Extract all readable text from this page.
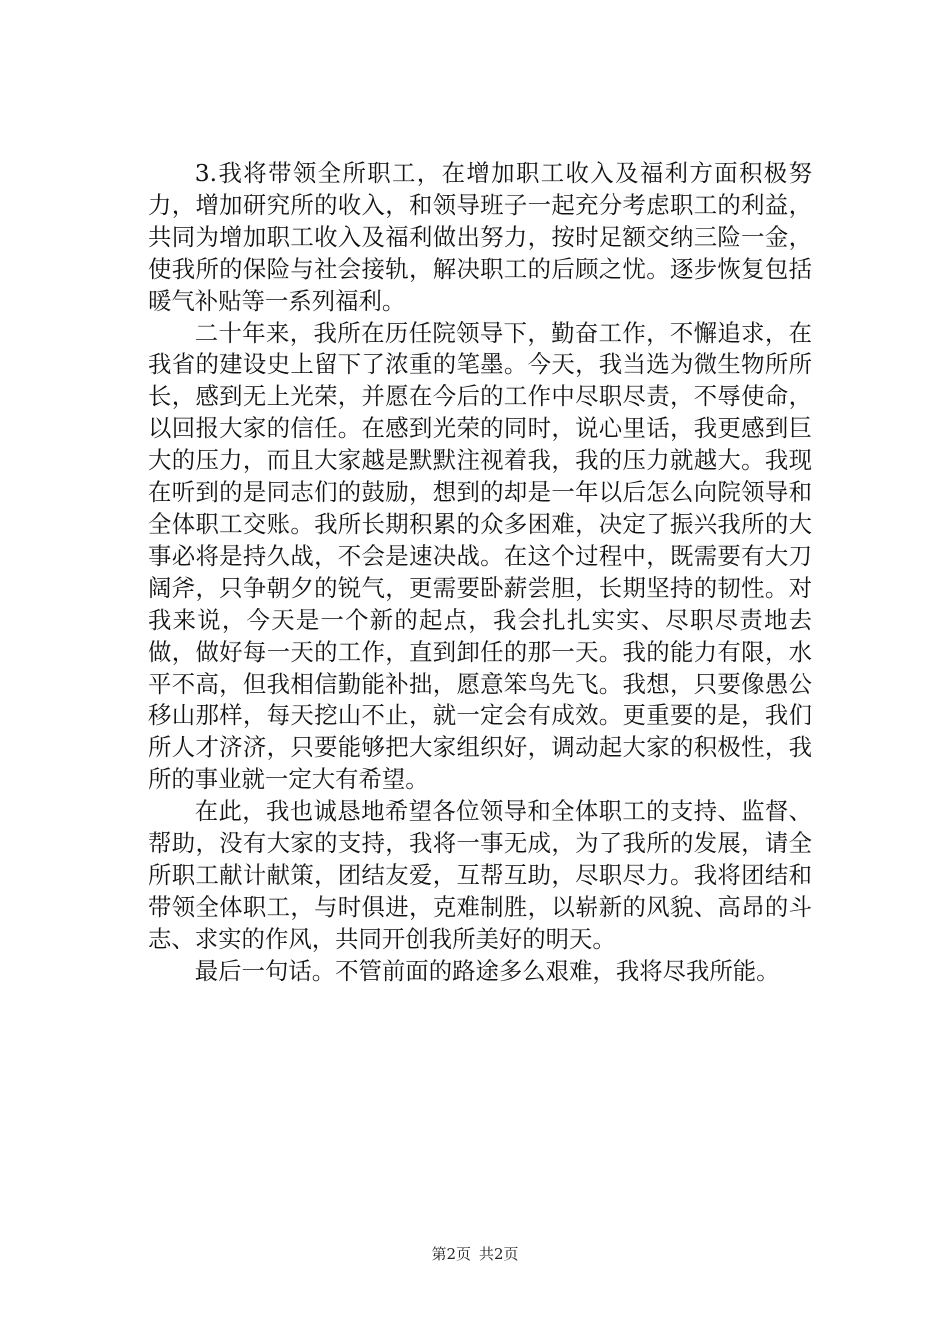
3.我将带领全所职工，在增加职工收入及福利方面积极努力，增加研究所的收入，和领导班子一起充分考虑职工的利益，共同为增加职工收入及福利做出努力，按时足额交纳三险一金，使我所的保险与社会接轨，解决职工的后顾之忧。逐步恢复包括暖气补贴等一系列福利。

二十年来，我所在历任院领导下，勤奋工作，不懈追求，在我省的建设史上留下了浓重的笔墨。今天，我当选为微生物所所长，感到无上光荣，并愿在今后的工作中尽职尽责，不辱使命，以回报大家的信任。在感到光荣的同时，说心里话，我更感到巨大的压力，而且大家越是默默注视着我，我的压力就越大。我现在听到的是同志们的鼓励，想到的却是一年以后怎么向院领导和全体职工交账。我所长期积累的众多困难，决定了振兴我所的大事必将是持久战，不会是速决战。在这个过程中，既需要有大刀阔斧，只争朝夕的锐气，更需要卧薪尝胆，长期坚持的韧性。对我来说，今天是一个新的起点，我会扎扎实实、尽职尽责地去做，做好每一天的工作，直到卸任的那一天。我的能力有限，水平不高，但我相信勤能补拙，愿意笨鸟先飞。我想，只要像愚公移山那样，每天挖山不止，就一定会有成效。更重要的是，我们所人才济济，只要能够把大家组织好，调动起大家的积极性，我所的事业就一定大有希望。

在此，我也诚恳地希望各位领导和全体职工的支持、监督、帮助，没有大家的支持，我将一事无成，为了我所的发展，请全所职工献计献策，团结友爱，互帮互助，尽职尽力。我将团结和带领全体职工，与时俱进，克难制胜，以崭新的风貌、高昂的斗志、求实的作风，共同开创我所美好的明天。

最后一句话。不管前面的路途多么艰难，我将尽我所能。

第2页 共2页
